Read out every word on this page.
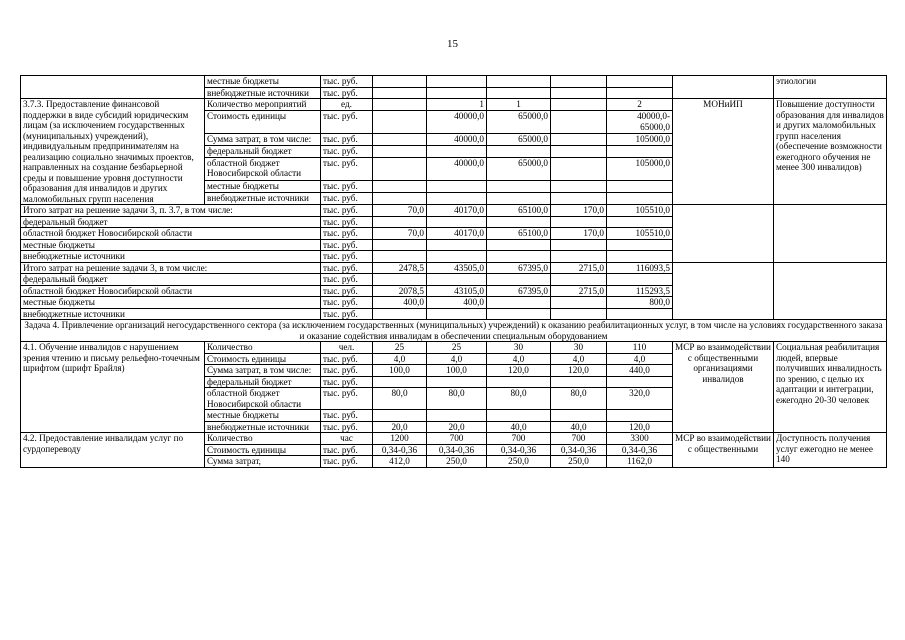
15
	местные бюджеты	тыс. руб.							этиологии
	внебюджетные источники	тыс. руб.							
3.7.3. Предоставление финансовой поддержки в виде субсидий юридическим лицам (за исключением государственных (муниципальных) учреждений), индивидуальным предпринимателям на реализацию социально значимых проектов, направленных на создание безбарьерной среды и повышение уровня доступности образования для инвалидов и других маломобильных групп населения	Количество мероприятий	ед.		1	1		2	МОНиИП	Повышение доступности образования для инвалидов и других маломобильных групп населения (обеспечение возможности ежегодного обучения не менее 300 инвалидов)
	Стоимость единицы	тыс. руб.		40000,0	65000,0		40000,0-65000,0		
	Сумма затрат, в том числе:	тыс. руб.		40000,0	65000,0		105000,0		
	федеральный бюджет	тыс. руб.							
	областной бюджет Новосибирской области	тыс. руб.		40000,0	65000,0		105000,0		
	местные бюджеты	тыс. руб.							
	внебюджетные источники	тыс. руб.							
Итого затрат на решение задачи 3, п. 3.7, в том числе:		тыс. руб.	70,0	40170,0	65100,0	170,0	105510,0		
федеральный бюджет		тыс. руб.							
областной бюджет Новосибирской области		тыс. руб.	70,0	40170,0	65100,0	170,0	105510,0		
местные бюджеты		тыс. руб.							
внебюджетные источники		тыс. руб.							
Итого затрат на решение задачи 3, в том числе:		тыс. руб.	2478,5	43505,0	67395,0	2715,0	116093,5		
федеральный бюджет		тыс. руб.							
областной бюджет Новосибирской области		тыс. руб.	2078,5	43105,0	67395,0	2715,0	115293,5		
местные бюджеты		тыс. руб.	400,0	400,0			800,0		
внебюджетные источники		тыс. руб.							
Задача 4. Привлечение организаций негосударственного сектора (за исключением государственных (муниципальных) учреждений) к оказанию реабилитационных услуг, в том числе на условиях государственного заказа и оказание содействия инвалидам в обеспечении специальным оборудованием									
4.1. Обучение инвалидов с нарушением зрения чтению и письму рельефно-точечным шрифтом (шрифт Брайля)	Количество	чел.	25	25	30	30	110	МСР во взаимодействии с общественными организациями инвалидов	Социальная реабилитация людей, впервые получивших инвалидность по зрению, с целью их адаптации и интеграции, ежегодно 20-30 человек
	Стоимость единицы	тыс. руб.	4,0	4,0	4,0	4,0	4,0		
	Сумма затрат, в том числе:	тыс. руб.	100,0	100,0	120,0	120,0	440,0		
	федеральный бюджет	тыс. руб.							
	областной бюджет Новосибирской области	тыс. руб.	80,0	80,0	80,0	80,0	320,0		
	местные бюджеты	тыс. руб.							
	внебюджетные источники	тыс. руб.	20,0	20,0	40,0	40,0	120,0		
4.2. Предоставление инвалидам услуг по сурдопереводу	Количество	час	1200	700	700	700	3300	МСР во взаимодействии с общественными	Доступность получения услуг ежегодно не менее 140
	Стоимость единицы	тыс. руб.	0,34-0,36	0,34-0,36	0,34-0,36	0,34-0,36	0,34-0,36		
	Сумма затрат,	тыс. руб.	412,0	250,0	250,0	250,0	1162,0		
